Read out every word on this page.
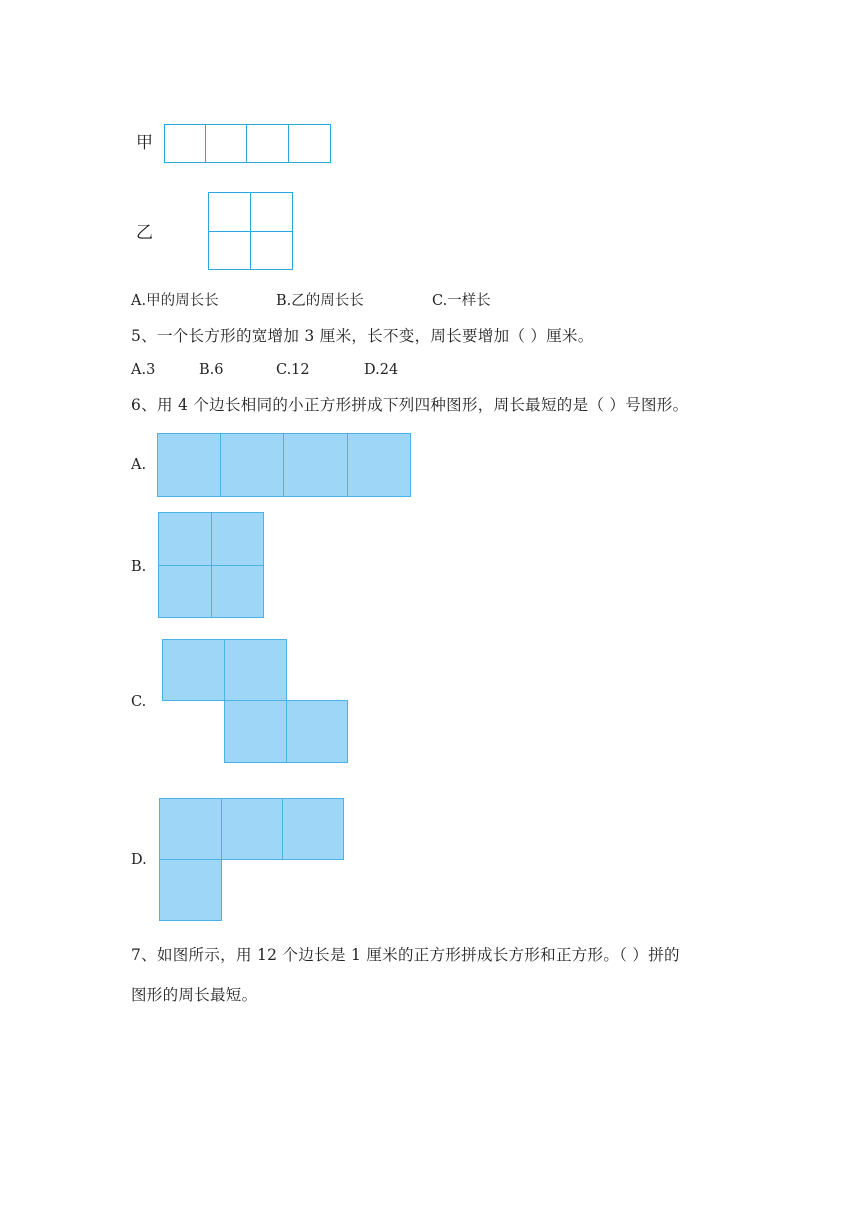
甲
乙
A.甲的周长长	B.乙的周长长	C.一样长
5、一个长方形的宽增加 3 厘米，长不变，周长要增加（ ）厘米。
A.3	B.6	C.12	D.24
6、用 4 个边长相同的小正方形拼成下列四种图形，周长最短的是（ ）号图形。
A.
B.
C.
D.
7、如图所示，用 12 个边长是 1 厘米的正方形拼成长方形和正方形。（ ）拼的
图形的周长最短。
